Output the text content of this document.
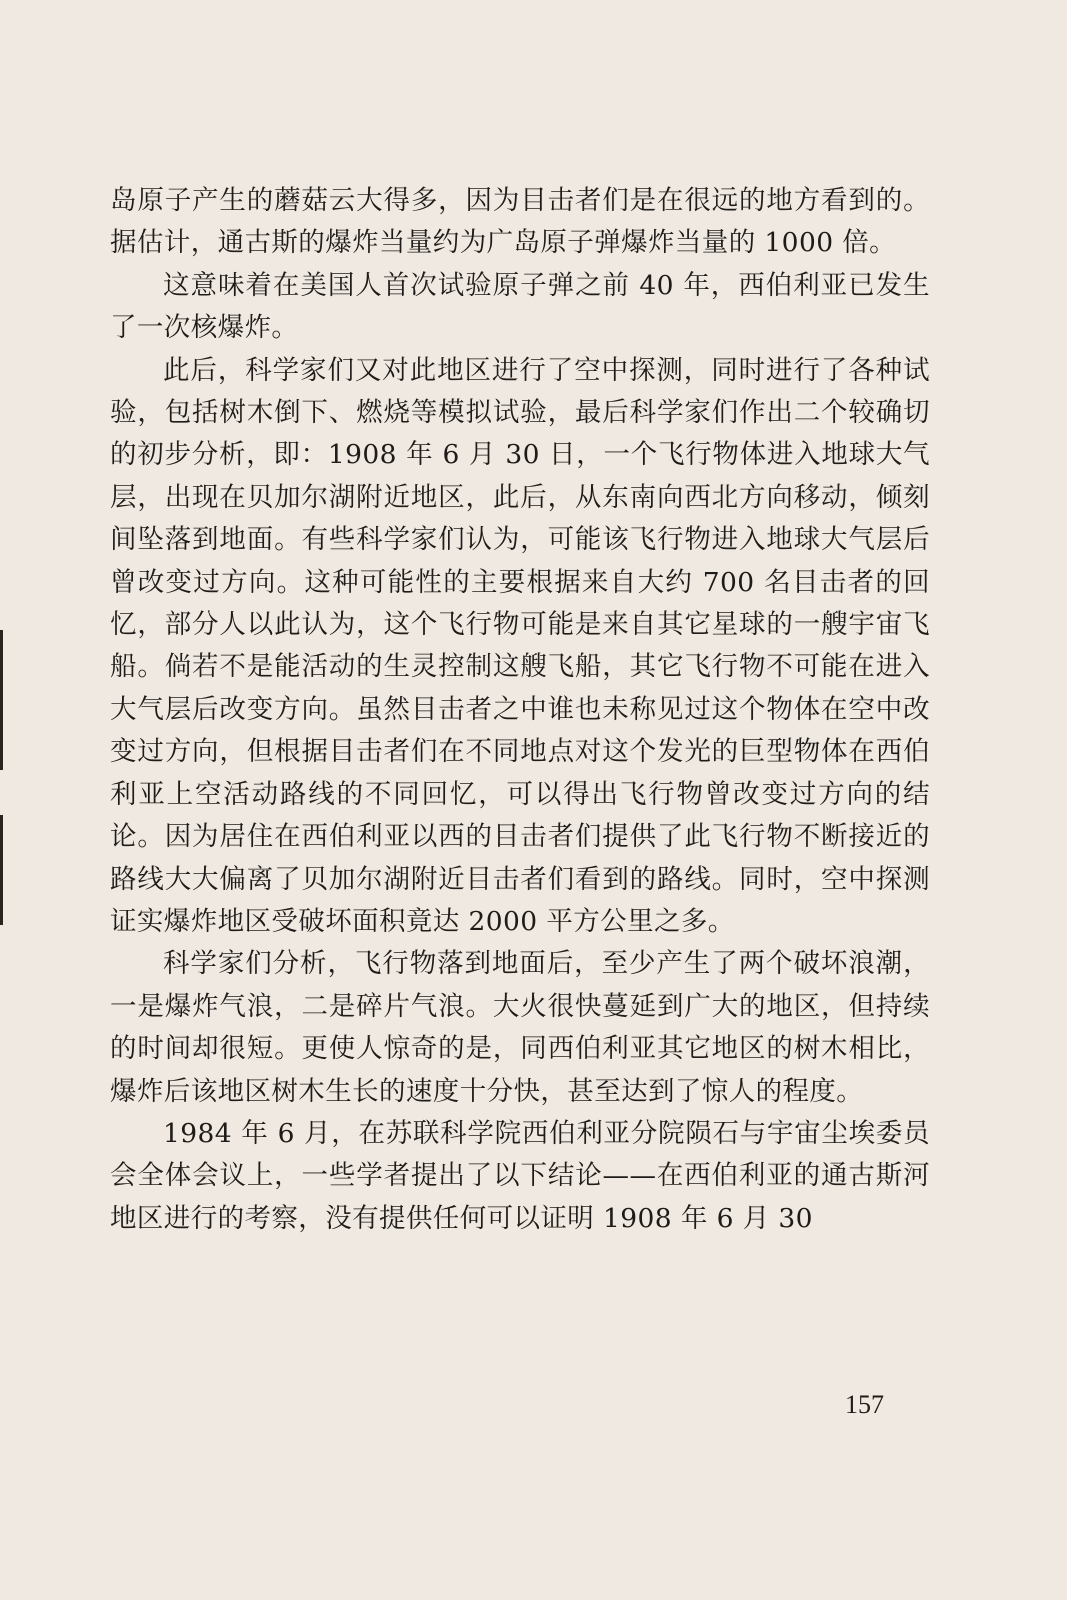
岛原子产生的蘑菇云大得多，因为目击者们是在很远的地方看到的。据估计，通古斯的爆炸当量约为广岛原子弹爆炸当量的 1000 倍。

这意味着在美国人首次试验原子弹之前 40 年，西伯利亚已发生了一次核爆炸。

此后，科学家们又对此地区进行了空中探测，同时进行了各种试验，包括树木倒下、燃烧等模拟试验，最后科学家们作出二个较确切的初步分析，即：1908 年 6 月 30 日，一个飞行物体进入地球大气层，出现在贝加尔湖附近地区，此后，从东南向西北方向移动，倾刻间坠落到地面。有些科学家们认为，可能该飞行物进入地球大气层后曾改变过方向。这种可能性的主要根据来自大约 700 名目击者的回忆，部分人以此认为，这个飞行物可能是来自其它星球的一艘宇宙飞船。倘若不是能活动的生灵控制这艘飞船，其它飞行物不可能在进入大气层后改变方向。虽然目击者之中谁也未称见过这个物体在空中改变过方向，但根据目击者们在不同地点对这个发光的巨型物体在西伯利亚上空活动路线的不同回忆，可以得出飞行物曾改变过方向的结论。因为居住在西伯利亚以西的目击者们提供了此飞行物不断接近的路线大大偏离了贝加尔湖附近目击者们看到的路线。同时，空中探测证实爆炸地区受破坏面积竟达 2000 平方公里之多。

科学家们分析，飞行物落到地面后，至少产生了两个破坏浪潮，一是爆炸气浪，二是碎片气浪。大火很快蔓延到广大的地区，但持续的时间却很短。更使人惊奇的是，同西伯利亚其它地区的树木相比，爆炸后该地区树木生长的速度十分快，甚至达到了惊人的程度。

1984 年 6 月，在苏联科学院西伯利亚分院陨石与宇宙尘埃委员会全体会议上，一些学者提出了以下结论——在西伯利亚的通古斯河地区进行的考察，没有提供任何可以证明 1908 年 6 月 30

157
